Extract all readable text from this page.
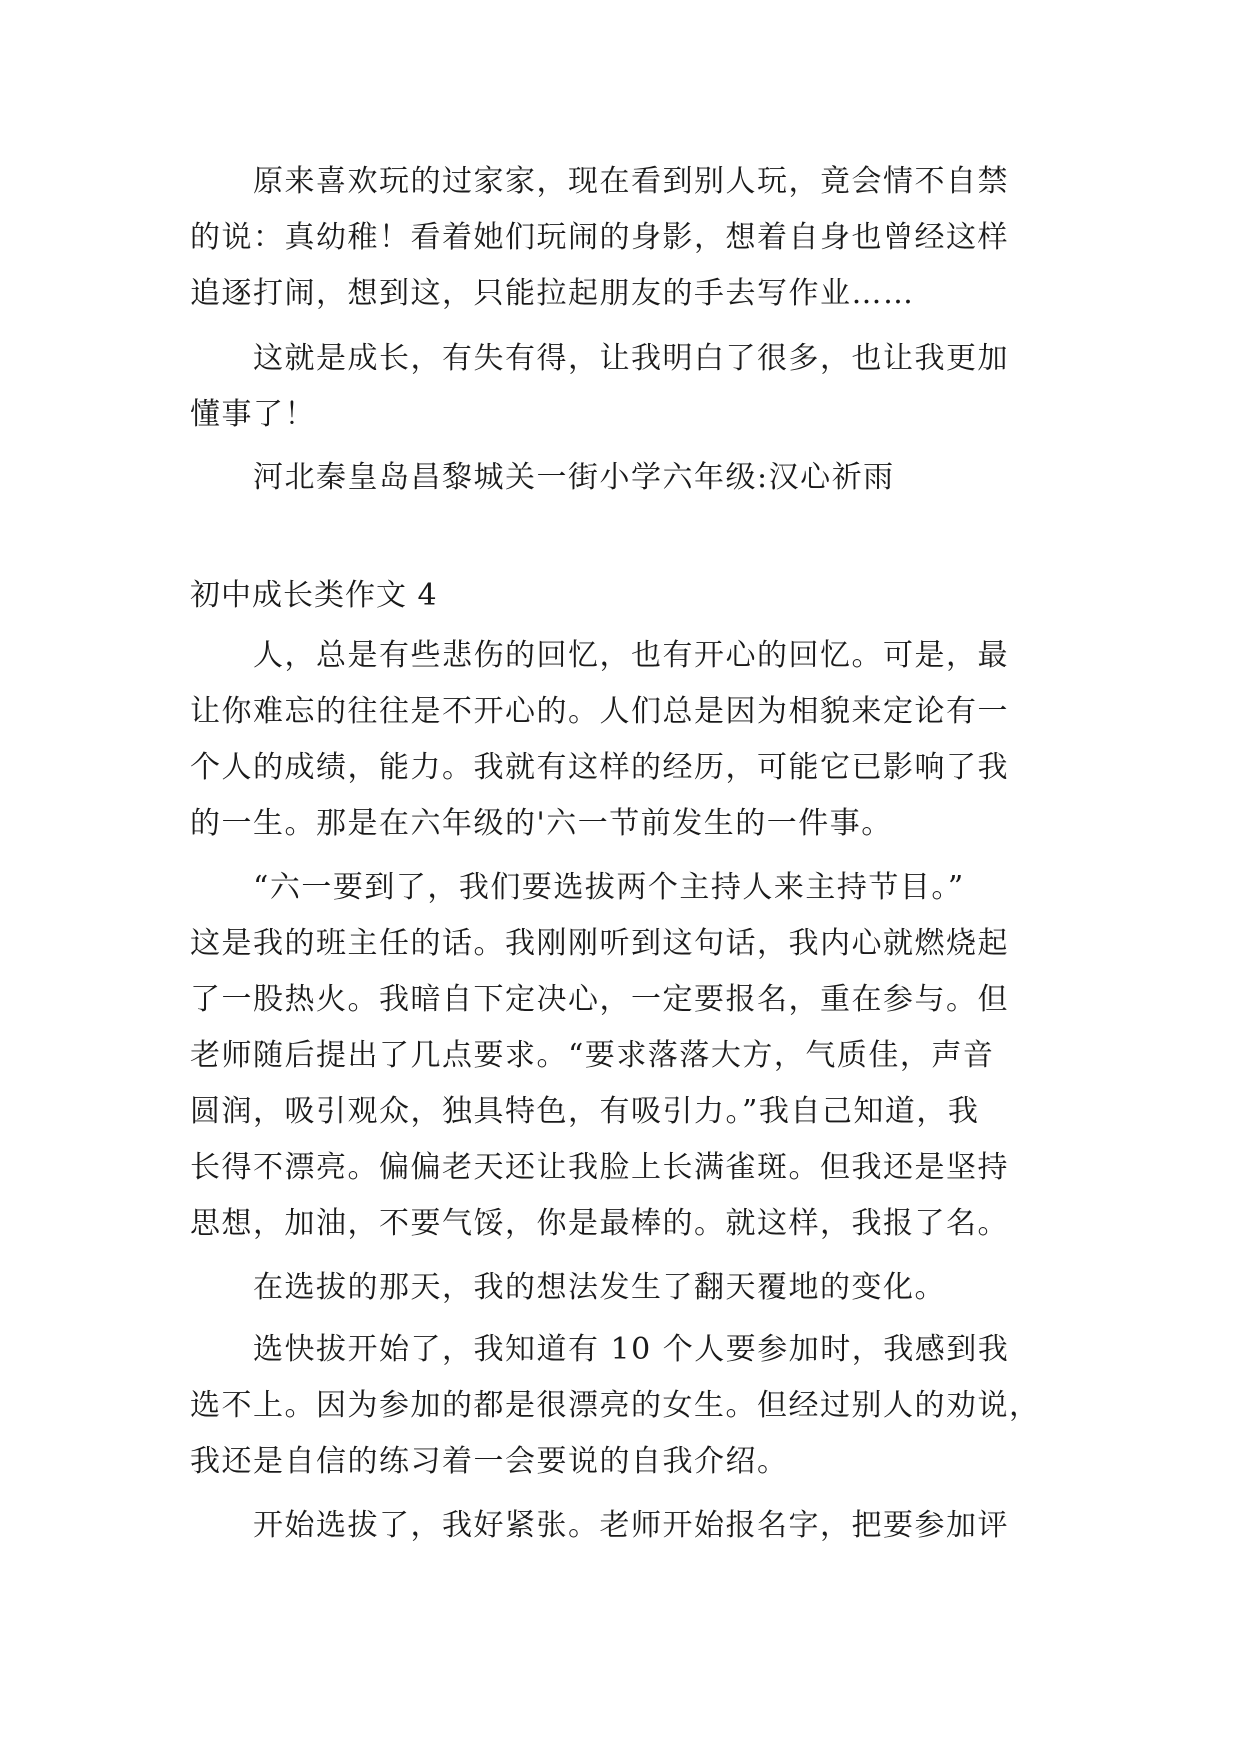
　　原来喜欢玩的过家家，现在看到别人玩，竟会情不自禁
的说：真幼稚！看着她们玩闹的身影，想着自身也曾经这样
追逐打闹，想到这，只能拉起朋友的手去写作业……
　　这就是成长，有失有得，让我明白了很多，也让我更加
懂事了！
　　河北秦皇岛昌黎城关一街小学六年级:汉心祈雨
初中成长类作文 4
　　人，总是有些悲伤的回忆，也有开心的回忆。可是，最
让你难忘的往往是不开心的。人们总是因为相貌来定论有一
个人的成绩，能力。我就有这样的经历，可能它已影响了我
的一生。那是在六年级的'六一节前发生的一件事。
　　“六一要到了，我们要选拔两个主持人来主持节目。”
这是我的班主任的话。我刚刚听到这句话，我内心就燃烧起
了一股热火。我暗自下定决心，一定要报名，重在参与。但
老师随后提出了几点要求。“要求落落大方，气质佳，声音
圆润，吸引观众，独具特色，有吸引力。”我自己知道，我
长得不漂亮。偏偏老天还让我脸上长满雀斑。但我还是坚持
思想，加油，不要气馁，你是最棒的。就这样，我报了名。
　　在选拔的那天，我的想法发生了翻天覆地的变化。
　　选快拔开始了，我知道有 10 个人要参加时，我感到我
选不上。因为参加的都是很漂亮的女生。但经过别人的劝说，
我还是自信的练习着一会要说的自我介绍。
　　开始选拔了，我好紧张。老师开始报名字，把要参加评
